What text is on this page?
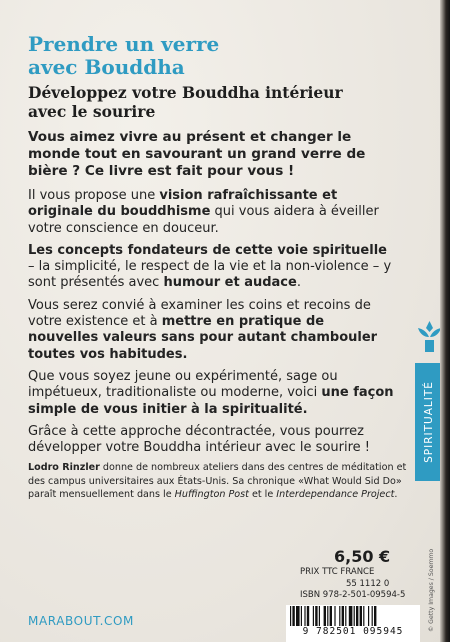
Prendre un verre
avec Bouddha
Développez votre Bouddha intérieur
avec le sourire

Vous aimez vivre au présent et changer le monde tout en savourant un grand verre de bière ? Ce livre est fait pour vous !

Il vous propose une vision rafraîchissante et originale du bouddhisme qui vous aidera à éveiller votre conscience en douceur.

Les concepts fondateurs de cette voie spirituelle – la simplicité, le respect de la vie et la non-violence – y sont présentés avec humour et audace.

Vous serez convié à examiner les coins et recoins de votre existence et à mettre en pratique de nouvelles valeurs sans pour autant chambouler toutes vos habitudes.

Que vous soyez jeune ou expérimenté, sage ou impétueux, traditionaliste ou moderne, voici une façon simple de vous initier à la spiritualité.

Grâce à cette approche décontractée, vous pourrez développer votre Bouddha intérieur avec le sourire !

Lodro Rinzler donne de nombreux ateliers dans des centres de méditation et des campus universitaires aux États-Unis. Sa chronique «What Would Sid Do» paraît mensuellement dans le Huffington Post et le Interdependance Project.

SPIRITUALITÉ
6,50 €
PRIX TTC FRANCE
55 1112 0
ISBN 978-2-501-09594-5	© Getty Images / Soemmo
9 782501 095945
MARABOUT.COM
